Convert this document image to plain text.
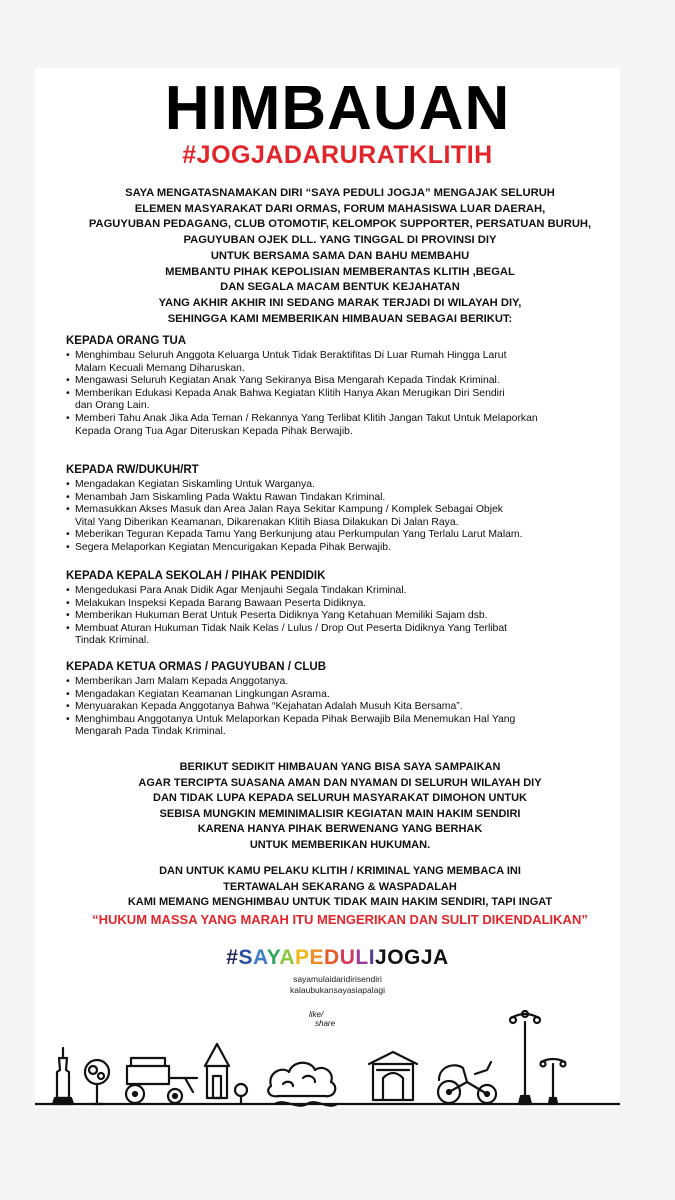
HIMBAUAN
#JOGJADARURATKLITIH
SAYA MENGATASNAMAKAN DIRI “SAYA PEDULI JOGJA” MENGAJAK SELURUH
ELEMEN MASYARAKAT DARI ORMAS, FORUM MAHASISWA LUAR DAERAH,
PAGUYUBAN PEDAGANG, CLUB OTOMOTIF, KELOMPOK SUPPORTER, PERSATUAN BURUH,
PAGUYUBAN OJEK DLL. YANG TINGGAL DI PROVINSI DIY
UNTUK BERSAMA SAMA DAN BAHU MEMBAHU
MEMBANTU PIHAK KEPOLISIAN MEMBERANTAS KLITIH ,BEGAL
DAN SEGALA MACAM BENTUK KEJAHATAN
YANG AKHIR AKHIR INI SEDANG MARAK TERJADI DI WILAYAH DIY,
SEHINGGA KAMI MEMBERIKAN HIMBAUAN SEBAGAI BERIKUT:
KEPADA ORANG TUA
• Menghimbau Seluruh Anggota Keluarga Untuk Tidak Beraktifitas Di Luar Rumah Hingga Larut
Malam Kecuali Memang Diharuskan.
• Mengawasi Seluruh Kegiatan Anak Yang Sekiranya Bisa Mengarah Kepada Tindak Kriminal.
• Memberikan Edukasi Kepada Anak Bahwa Kegiatan Klitih Hanya Akan Merugikan Diri Sendiri
dan Orang Lain.
• Memberi Tahu Anak Jika Ada Teman / Rekannya Yang Terlibat Klitih Jangan Takut Untuk Melaporkan
Kepada Orang Tua Agar Diteruskan Kepada Pihak Berwajib.
KEPADA RW/DUKUH/RT
• Mengadakan Kegiatan Siskamling Untuk Warganya.
• Menambah Jam Siskamling Pada Waktu Rawan Tindakan Kriminal.
• Memasukkan Akses Masuk dan Area Jalan Raya Sekitar Kampung / Komplek Sebagai Objek
Vital Yang Diberikan Keamanan, Dikarenakan Klitih Biasa Dilakukan Di Jalan Raya.
• Meberikan Teguran Kepada Tamu Yang Berkunjung atau Perkumpulan Yang Terlalu Larut Malam.
• Segera Melaporkan Kegiatan Mencurigakan Kepada Pihak Berwajib.
KEPADA KEPALA SEKOLAH / PIHAK PENDIDIK
• Mengedukasi Para Anak Didik Agar Menjauhi Segala Tindakan Kriminal.
• Melakukan Inspeksi Kepada Barang Bawaan Peserta Didiknya.
• Memberikan Hukuman Berat Untuk Peserta Didiknya Yang Ketahuan Memiliki Sajam dsb.
• Membuat Aturan Hukuman Tidak Naik Kelas / Lulus / Drop Out Peserta Didiknya Yang Terlibat
Tindak Kriminal.
KEPADA KETUA ORMAS / PAGUYUBAN / CLUB
• Memberikan Jam Malam Kepada Anggotanya.
• Mengadakan Kegiatan Keamanan Lingkungan Asrama.
• Menyuarakan Kepada Anggotanya Bahwa “Kejahatan Adalah Musuh Kita Bersama”.
• Menghimbau Anggotanya Untuk Melaporkan Kepada Pihak Berwajib Bila Menemukan Hal Yang
Mengarah Pada Tindak Kriminal.
BERIKUT SEDIKIT HIMBAUAN YANG BISA SAYA SAMPAIKAN
AGAR TERCIPTA SUASANA AMAN DAN NYAMAN DI SELURUH WILAYAH DIY
DAN TIDAK LUPA KEPADA SELURUH MASYARAKAT DIMOHON UNTUK
SEBISA MUNGKIN MEMINIMALISIR KEGIATAN MAIN HAKIM SENDIRI
KARENA HANYA PIHAK BERWENANG YANG BERHAK
UNTUK MEMBERIKAN HUKUMAN.
DAN UNTUK KAMU PELAKU KLITIH / KRIMINAL YANG MEMBACA INI
TERTAWALAH SEKARANG & WASPADALAH
KAMI MEMANG MENGHIMBAU UNTUK TIDAK MAIN HAKIM SENDIRI, TAPI INGAT
“HUKUM MASSA YANG MARAH ITU MENGERIKAN DAN SULIT DIKENDALIKAN”
#SAYAPEDULIJOGJA
sayamulaidaridirisendiri
kalaubukansayasiapalagi
like/
share
